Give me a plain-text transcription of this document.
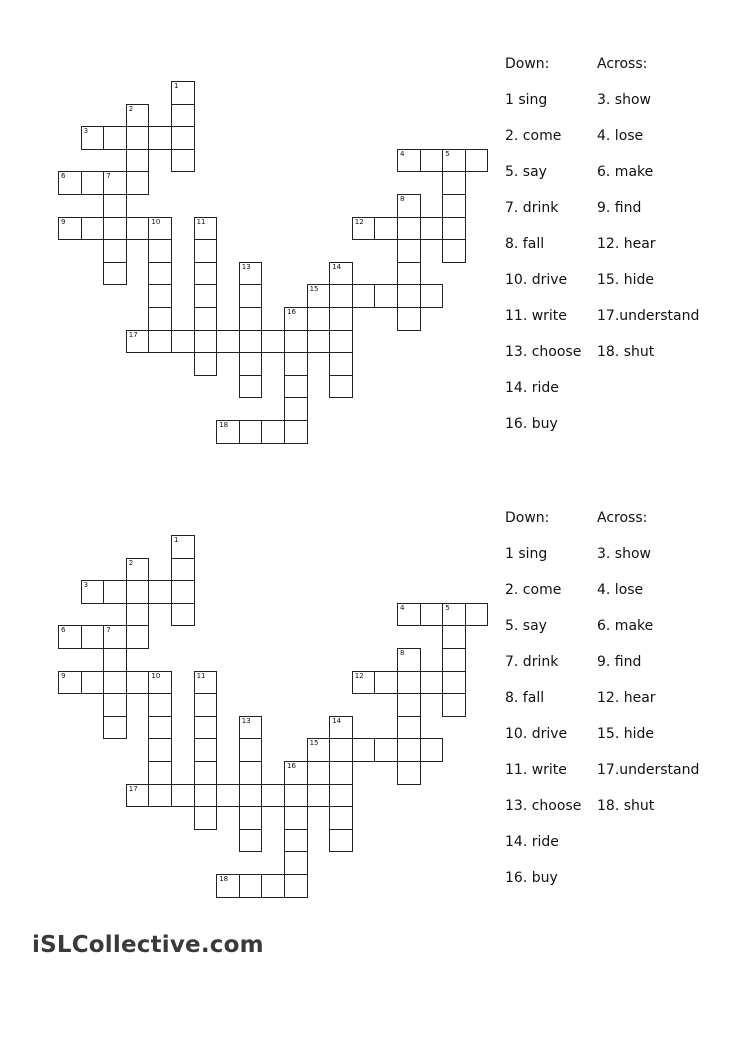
1
2
3
4	5
6	7
8
9	10	11	12
13	14
15
16
17
18
Down:
1 sing
2. come
5. say
7. drink
8. fall
10. drive
11. write
13. choose
14. ride
16. buy
Across:
3. show
4. lose
6. make
9. find
12. hear
15. hide
17.understand
18. shut
1
2
3
4	5
6	7
8
9	10	11	12
13	14
15
16
17
18
Down:
1 sing
2. come
5. say
7. drink
8. fall
10. drive
11. write
13. choose
14. ride
16. buy
Across:
3. show
4. lose
6. make
9. find
12. hear
15. hide
17.understand
18. shut
iSLCollective.com
